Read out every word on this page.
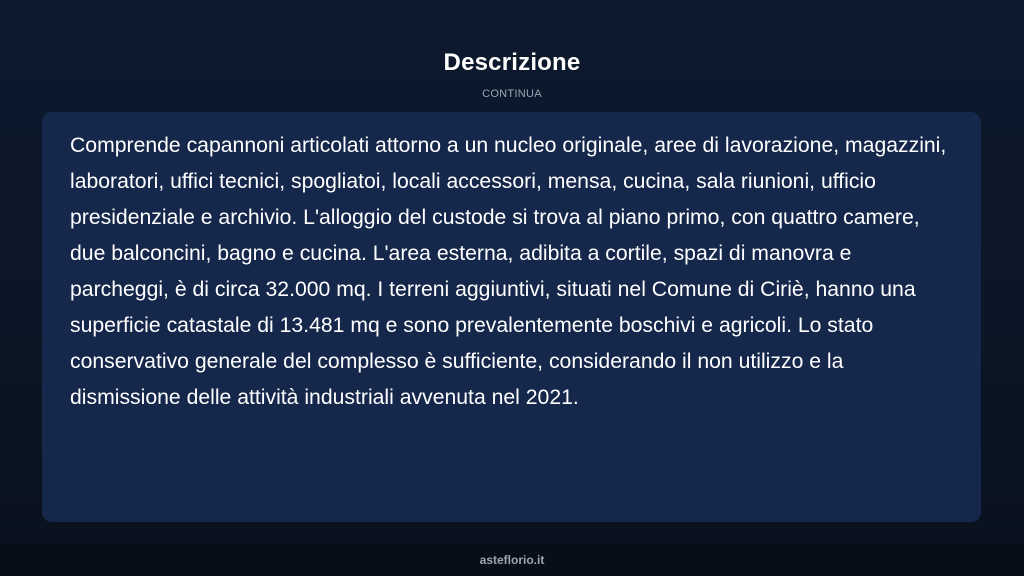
Descrizione
CONTINUA

Comprende capannoni articolati attorno a un nucleo originale, aree di lavorazione, magazzini, laboratori, uffici tecnici, spogliatoi, locali accessori, mensa, cucina, sala riunioni, ufficio presidenziale e archivio. L'alloggio del custode si trova al piano primo, con quattro camere, due balconcini, bagno e cucina. L'area esterna, adibita a cortile, spazi di manovra e parcheggi, è di circa 32.000 mq. I terreni aggiuntivi, situati nel Comune di Ciriè, hanno una superficie catastale di 13.481 mq e sono prevalentemente boschivi e agricoli. Lo stato conservativo generale del complesso è sufficiente, considerando il non utilizzo e la dismissione delle attività industriali avvenuta nel 2021.

asteflorio.it
